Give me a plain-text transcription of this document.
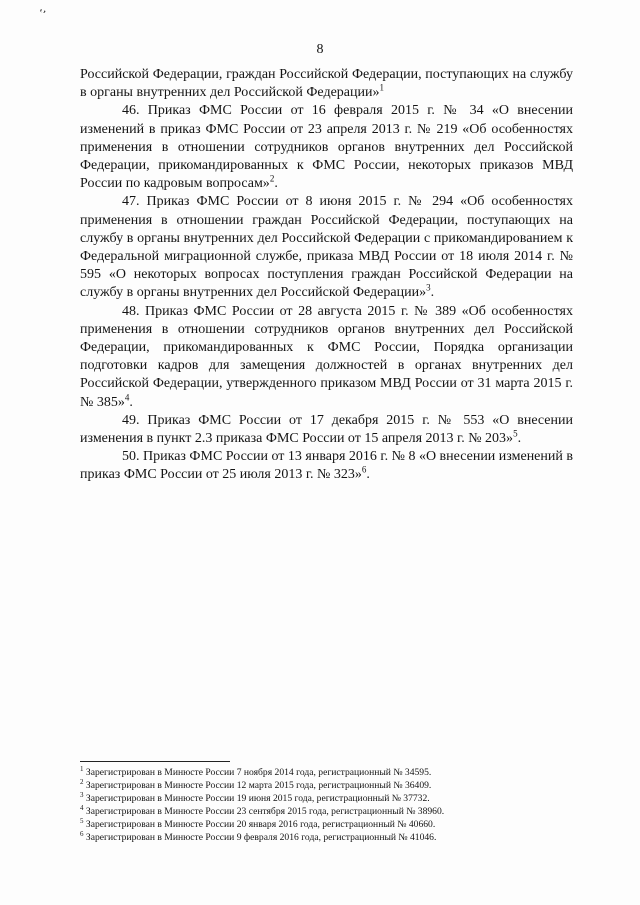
ʽʼ
8

Российской Федерации, граждан Российской Федерации, поступающих на службу в органы внутренних дел Российской Федерации»$^1$

46. Приказ ФМС России от 16 февраля 2015 г. № 34 «О внесении изменений в приказ ФМС России от 23 апреля 2013 г. № 219 «Об особенностях применения в отношении сотрудников органов внутренних дел Российской Федерации, прикомандированных к ФМС России, некоторых приказов МВД России по кадровым вопросам»$^2$.

47. Приказ ФМС России от 8 июня 2015 г. № 294 «Об особенностях применения в отношении граждан Российской Федерации, поступающих на службу в органы внутренних дел Российской Федерации с прикомандированием к Федеральной миграционной службе, приказа МВД России от 18 июля 2014 г. № 595 «О некоторых вопросах поступления граждан Российской Федерации на службу в органы внутренних дел Российской Федерации»$^3$.

48. Приказ ФМС России от 28 августа 2015 г. № 389 «Об особенностях применения в отношении сотрудников органов внутренних дел Российской Федерации, прикомандированных к ФМС России, Порядка организации подготовки кадров для замещения должностей в органах внутренних дел Российской Федерации, утвержденного приказом МВД России от 31 марта 2015 г. № 385»$^4$.

49. Приказ ФМС России от 17 декабря 2015 г. № 553 «О внесении изменения в пункт 2.3 приказа ФМС России от 15 апреля 2013 г. № 203»$^5$.

50. Приказ ФМС России от 13 января 2016 г. № 8 «О внесении изменений в приказ ФМС России от 25 июля 2013 г. № 323»$^6$.

$^1$ Зарегистрирован в Минюсте России 7 ноября 2014 года, регистрационный № 34595.

$^2$ Зарегистрирован в Минюсте России 12 марта 2015 года, регистрационный № 36409.

$^3$ Зарегистрирован в Минюсте России 19 июня 2015 года, регистрационный № 37732.

$^4$ Зарегистрирован в Минюсте России 23 сентября 2015 года, регистрационный № 38960.

$^5$ Зарегистрирован в Минюсте России 20 января 2016 года, регистрационный № 40660.

$^6$ Зарегистрирован в Минюсте России 9 февраля 2016 года, регистрационный № 41046.
